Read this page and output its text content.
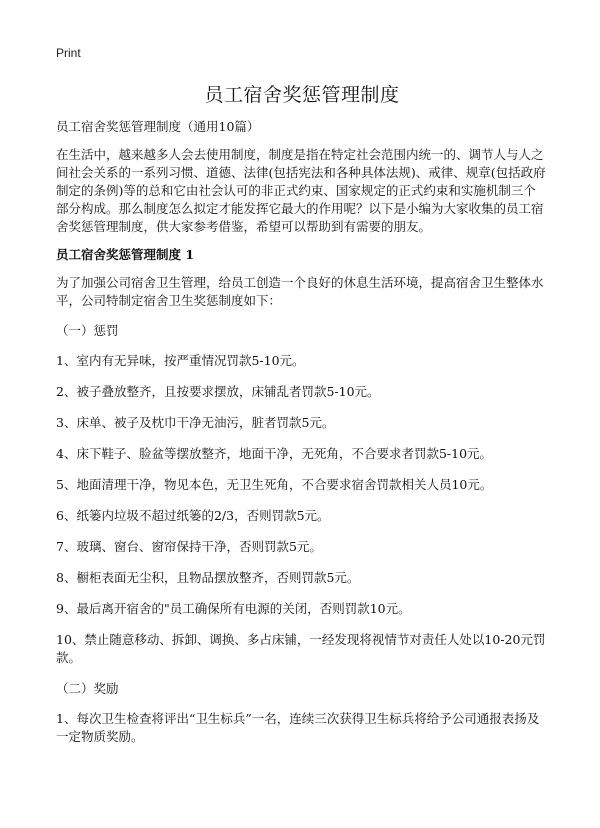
Print
员工宿舍奖惩管理制度

员工宿舍奖惩管理制度（通用10篇）

在生活中，越来越多人会去使用制度，制度是指在特定社会范围内统一的、调节人与人之间社会关系的一系列习惯、道德、法律(包括宪法和各种具体法规)、戒律、规章(包括政府制定的条例)等的总和它由社会认可的非正式约束、国家规定的正式约束和实施机制三个部分构成。那么制度怎么拟定才能发挥它最大的作用呢？以下是小编为大家收集的员工宿舍奖惩管理制度，供大家参考借鉴，希望可以帮助到有需要的朋友。

员工宿舍奖惩管理制度 1

为了加强公司宿舍卫生管理，给员工创造一个良好的休息生活环境，提高宿舍卫生整体水平，公司特制定宿舍卫生奖惩制度如下：

（一）惩罚

1、室内有无异味，按严重情况罚款5-10元。

2、被子叠放整齐，且按要求摆放，床铺乱者罚款5-10元。

3、床单、被子及枕巾干净无油污，脏者罚款5元。

4、床下鞋子、脸盆等摆放整齐，地面干净，无死角，不合要求者罚款5-10元。

5、地面清理干净，物见本色，无卫生死角，不合要求宿舍罚款相关人员10元。

6、纸篓内垃圾不超过纸篓的2/3，否则罚款5元。

7、玻璃、窗台、窗帘保持干净，否则罚款5元。

8、橱柜表面无尘积，且物品摆放整齐，否则罚款5元。

9、最后离开宿舍的"员工确保所有电源的关闭，否则罚款10元。

10、禁止随意移动、拆卸、调换、多占床铺，一经发现将视情节对责任人处以10-20元罚款。

（二）奖励

1、每次卫生检查将评出“卫生标兵”一名，连续三次获得卫生标兵将给予公司通报表扬及一定物质奖励。
